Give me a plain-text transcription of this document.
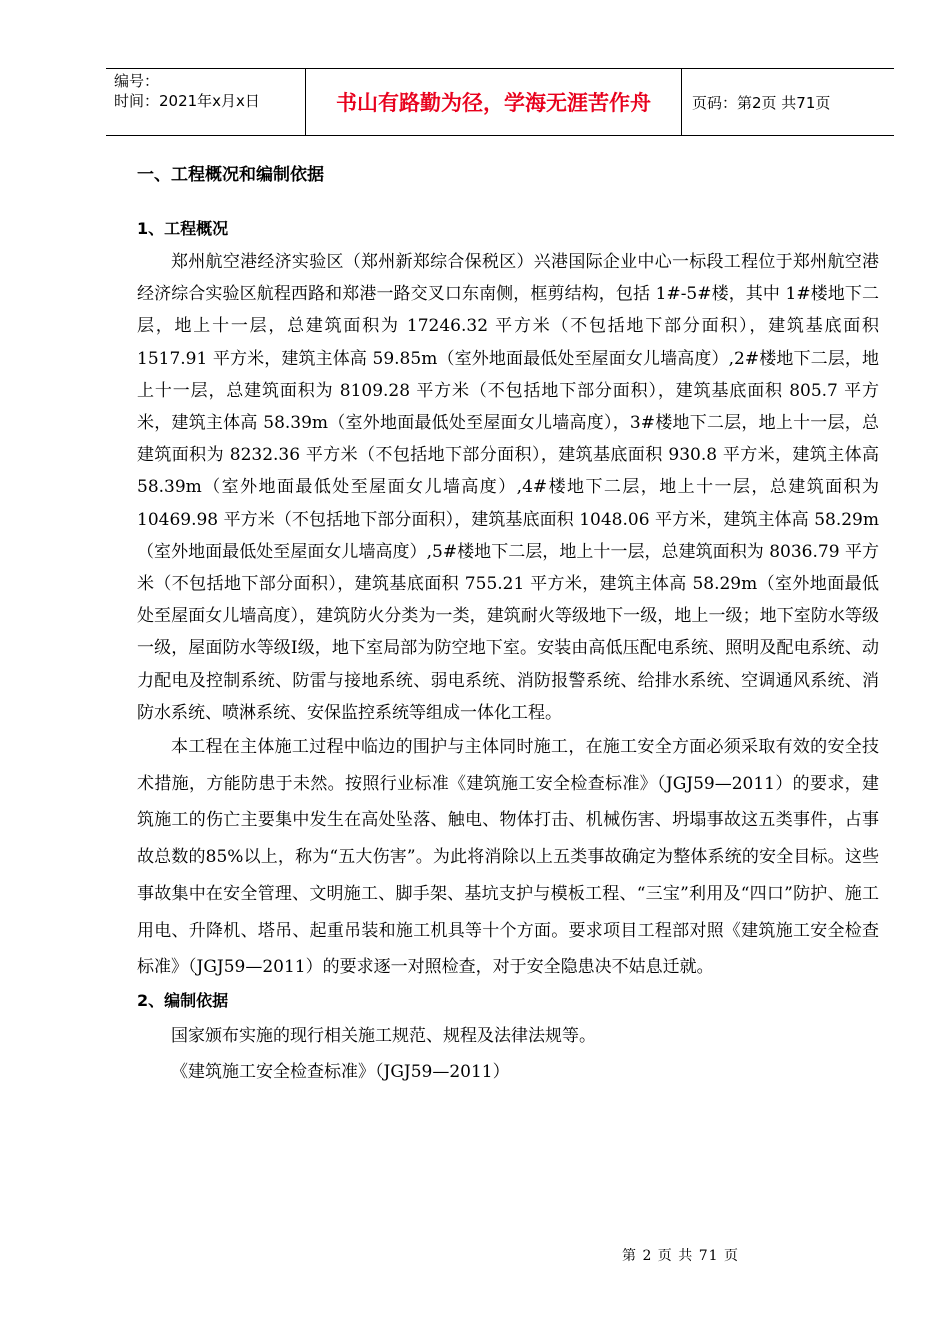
编号：
时间：2021年x月x日	书山有路勤为径，学海无涯苦作舟	页码：第2页 共71页
一、工程概况和编制依据
1、工程概况

郑州航空港经济实验区（郑州新郑综合保税区）兴港国际企业中心一标段工程位于郑州航空港经济综合实验区航程西路和郑港一路交叉口东南侧，框剪结构，包括 1#-5#楼，其中 1#楼地下二层，地上十一层，总建筑面积为 17246.32 平方米（不包括地下部分面积），建筑基底面积 1517.91 平方米，建筑主体高 59.85m（室外地面最低处至屋面女儿墙高度）,2#楼地下二层，地上十一层，总建筑面积为 8109.28 平方米（不包括地下部分面积），建筑基底面积 805.7 平方米，建筑主体高 58.39m（室外地面最低处至屋面女儿墙高度），3#楼地下二层，地上十一层，总建筑面积为 8232.36 平方米（不包括地下部分面积），建筑基底面积 930.8 平方米，建筑主体高 58.39m（室外地面最低处至屋面女儿墙高度）,4#楼地下二层，地上十一层，总建筑面积为 10469.98 平方米（不包括地下部分面积），建筑基底面积 1048.06 平方米，建筑主体高 58.29m（室外地面最低处至屋面女儿墙高度）,5#楼地下二层，地上十一层，总建筑面积为 8036.79 平方米（不包括地下部分面积），建筑基底面积 755.21 平方米，建筑主体高 58.29m（室外地面最低处至屋面女儿墙高度），建筑防火分类为一类，建筑耐火等级地下一级，地上一级；地下室防水等级一级，屋面防水等级Ⅰ级，地下室局部为防空地下室。安装由高低压配电系统、照明及配电系统、动力配电及控制系统、防雷与接地系统、弱电系统、消防报警系统、给排水系统、空调通风系统、消防水系统、喷淋系统、安保监控系统等组成一体化工程。

本工程在主体施工过程中临边的围护与主体同时施工，在施工安全方面必须采取有效的安全技术措施，方能防患于未然。按照行业标准《建筑施工安全检查标准》（JGJ59—2011）的要求，建筑施工的伤亡主要集中发生在高处坠落、触电、物体打击、机械伤害、坍塌事故这五类事件，占事故总数的85%以上，称为“五大伤害”。为此将消除以上五类事故确定为整体系统的安全目标。这些事故集中在安全管理、文明施工、脚手架、基坑支护与模板工程、“三宝”利用及“四口”防护、施工用电、升降机、塔吊、起重吊装和施工机具等十个方面。要求项目工程部对照《建筑施工安全检查标准》（JGJ59—2011）的要求逐一对照检查，对于安全隐患决不姑息迁就。

2、编制依据

国家颁布实施的现行相关施工规范、规程及法律法规等。

《建筑施工安全检查标准》（JGJ59—2011）

第 2 页 共 71 页
